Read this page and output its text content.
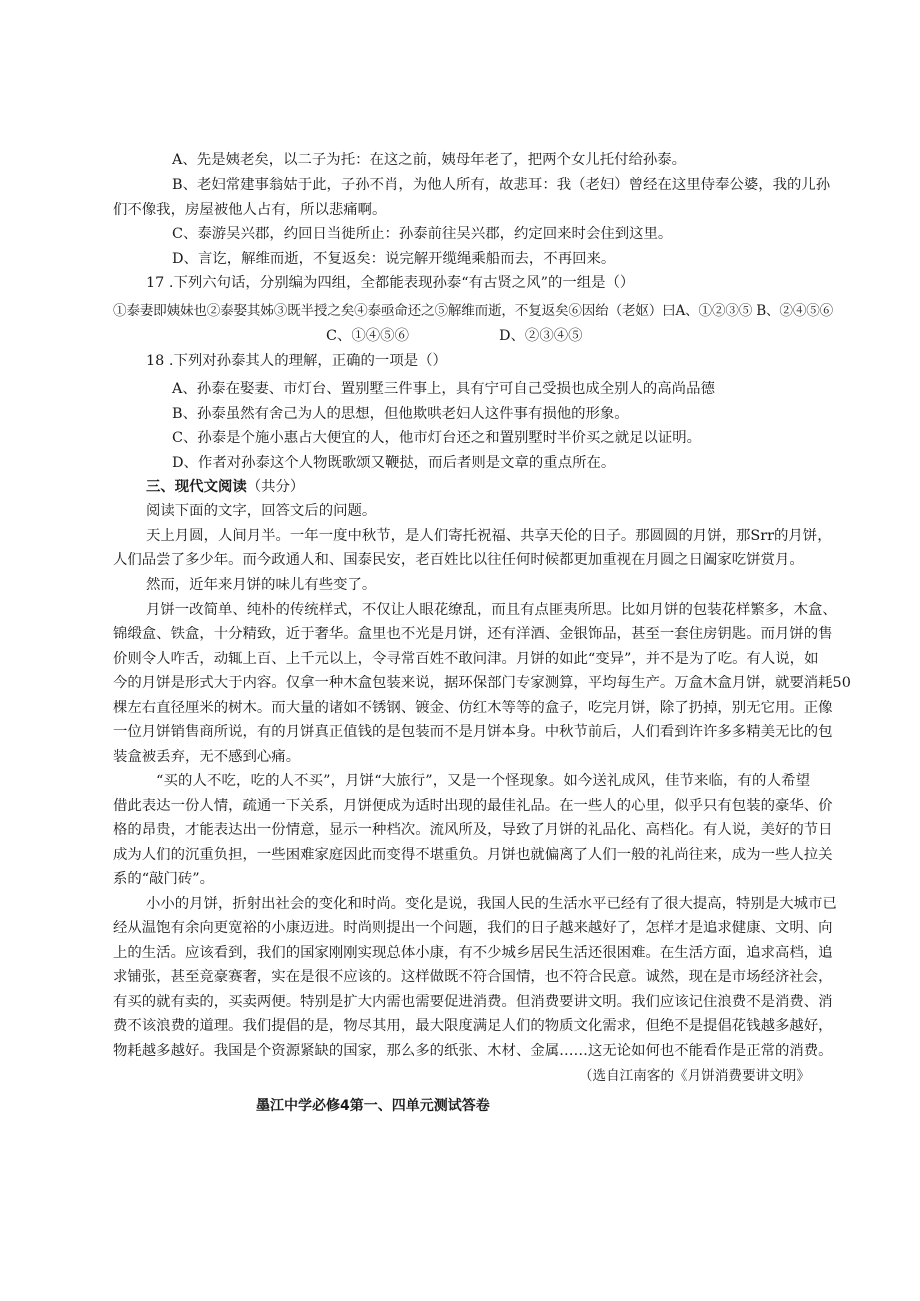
A、先是姨老矣，以二子为托：在这之前，姨母年老了，把两个女儿托付给孙泰。
B、老妇常建事翁姑于此，子孙不肖，为他人所有，故悲耳：我（老妇）曾经在这里侍奉公婆，我的儿孙
们不像我，房屋被他人占有，所以悲痛啊。
C、泰游吴兴郡，约回日当徙所止：孙泰前往吴兴郡，约定回来时会住到这里。
D、言讫，解维而逝，不复返矣：说完解开缆绳乘船而去，不再回来。
17 .下列六句话，分别编为四组，全都能表现孙泰“有古贤之风”的一组是（）
①泰妻即姨妹也②泰娶其姊③既半授之矣④泰亟命还之⑤解维而逝，不复返矣⑥因绐（老妪）曰A、①②③⑤ B、②④⑤⑥
C、①④⑤⑥	D、②③④⑤
18 .下列对孙泰其人的理解，正确的一项是（）
A、孙泰在娶妻、市灯台、置别墅三件事上，具有宁可自己受损也成全别人的高尚品德
B、孙泰虽然有舍己为人的思想，但他欺哄老妇人这件事有损他的形象。
C、孙泰是个施小惠占大便宜的人，他市灯台还之和置别墅时半价买之就足以证明。
D、作者对孙泰这个人物既歌颂又鞭挞，而后者则是文章的重点所在。
三、现代文阅读（共分）
阅读下面的文字，回答文后的问题。
天上月圆，人间月半。一年一度中秋节，是人们寄托祝福、共享天伦的日子。那圆圆的月饼，那Srr的月饼，
人们品尝了多少年。而今政通人和、国泰民安，老百姓比以往任何时候都更加重视在月圆之日阖家吃饼赏月。
然而，近年来月饼的味儿有些变了。
月饼一改简单、纯朴的传统样式，不仅让人眼花缭乱，而且有点匪夷所思。比如月饼的包装花样繁多，木盒、
锦缎盒、铁盒，十分精致，近于奢华。盒里也不光是月饼，还有洋酒、金银饰品，甚至一套住房钥匙。而月饼的售
价则令人咋舌，动辄上百、上千元以上，令寻常百姓不敢问津。月饼的如此“变异”，并不是为了吃。有人说，如
今的月饼是形式大于内容。仅拿一种木盒包装来说，据环保部门专家测算，平均每生产。万盒木盒月饼，就要消耗50
棵左右直径厘米的树木。而大量的诸如不锈钢、镀金、仿红木等等的盒子，吃完月饼，除了扔掉，别无它用。正像
一位月饼销售商所说，有的月饼真正值钱的是包装而不是月饼本身。中秋节前后，人们看到许许多多精美无比的包
装盒被丢弃，无不感到心痛。
“买的人不吃，吃的人不买”，月饼“大旅行”，又是一个怪现象。如今送礼成风，佳节来临，有的人希望
借此表达一份人情，疏通一下关系，月饼便成为适时出现的最佳礼品。在一些人的心里，似乎只有包装的豪华、价
格的昂贵，才能表达出一份情意，显示一种档次。流风所及，导致了月饼的礼品化、高档化。有人说，美好的节日
成为人们的沉重负担，一些困难家庭因此而变得不堪重负。月饼也就偏离了人们一般的礼尚往来，成为一些人拉关
系的“敲门砖”。
小小的月饼，折射出社会的变化和时尚。变化是说，我国人民的生活水平已经有了很大提高，特别是大城市已
经从温饱有余向更宽裕的小康迈进。时尚则提出一个问题，我们的日子越来越好了，怎样才是追求健康、文明、向
上的生活。应该看到，我们的国家刚刚实现总体小康，有不少城乡居民生活还很困难。在生活方面，追求高档，追
求铺张，甚至竞豪赛奢，实在是很不应该的。这样做既不符合国情，也不符合民意。诚然，现在是市场经济社会，
有买的就有卖的，买卖两便。特别是扩大内需也需要促进消费。但消费要讲文明。我们应该记住浪费不是消费、消
费不该浪费的道理。我们提倡的是，物尽其用，最大限度满足人们的物质文化需求，但绝不是提倡花钱越多越好，
物耗越多越好。我国是个资源紧缺的国家，那么多的纸张、木材、金属……这无论如何也不能看作是正常的消费。
（选自江南客的《月饼消费要讲文明》
墨江中学必修4第一、四单元测试答卷
